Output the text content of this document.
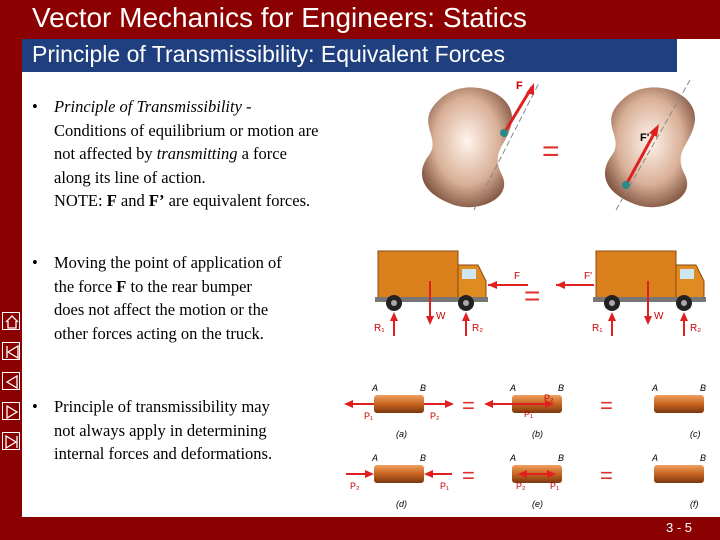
Vector Mechanics for Engineers: Statics
Principle of Transmissibility: Equivalent Forces
• Principle of Transmissibility -
Conditions of equilibrium or motion are
not affected by transmitting a force
along its line of action.
NOTE: F and F’ are equivalent forces.
• Moving the point of application of
the force F to the rear bumper
does not affect the motion or the
other forces acting on the truck.
• Principle of transmissibility may
not always apply in determining
internal forces and deformations.
F
=	F'
F
W
R₁	R₂
=
F'
W
R₁	R₂
A	B
P₁	P₂
(a)
=
A	B
P₁
P₂
(b)
=
A	B
(c)
A	B
P₂	P₁
(d)
=
A	B
P₂	P₁
(e)
=
A	B
(f)
3 - 5
